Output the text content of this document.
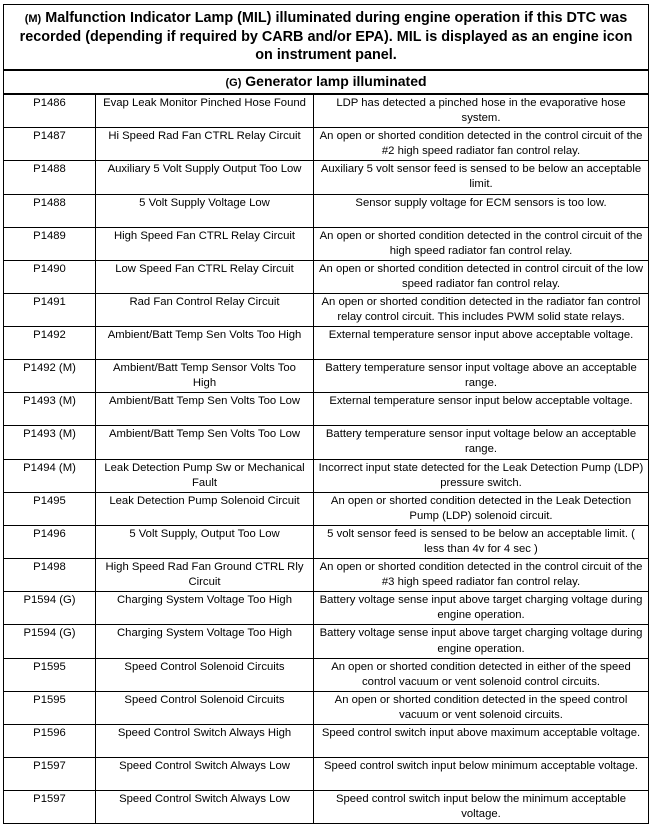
(M) Malfunction Indicator Lamp (MIL) illuminated during engine operation if this DTC was recorded (depending if required by CARB and/or EPA). MIL is displayed as an engine icon on instrument panel.		
(G) Generator lamp illuminated		
P1486	Evap Leak Monitor Pinched Hose Found	LDP has detected a pinched hose in the evaporative hose system.
P1487	Hi Speed Rad Fan CTRL Relay Circuit	An open or shorted condition detected in the control circuit of the #2 high speed radiator fan control relay.
P1488	Auxiliary 5 Volt Supply Output Too Low	Auxiliary 5 volt sensor feed is sensed to be below an acceptable limit.
P1488	5 Volt Supply Voltage Low	Sensor supply voltage for ECM sensors is too low.
P1489	High Speed Fan CTRL Relay Circuit	An open or shorted condition detected in the control circuit of the high speed radiator fan control relay.
P1490	Low Speed Fan CTRL Relay Circuit	An open or shorted condition detected in control circuit of the low speed radiator fan control relay.
P1491	Rad Fan Control Relay Circuit	An open or shorted condition detected in the radiator fan control relay control circuit. This includes PWM solid state relays.
P1492	Ambient/Batt Temp Sen Volts Too High	External temperature sensor input above acceptable voltage.
P1492 (M)	Ambient/Batt Temp Sensor Volts Too High	Battery temperature sensor input voltage above an acceptable range.
P1493 (M)	Ambient/Batt Temp Sen Volts Too Low	External temperature sensor input below acceptable voltage.
P1493 (M)	Ambient/Batt Temp Sen Volts Too Low	Battery temperature sensor input voltage below an acceptable range.
P1494 (M)	Leak Detection Pump Sw or Mechanical Fault	Incorrect input state detected for the Leak Detection Pump (LDP) pressure switch.
P1495	Leak Detection Pump Solenoid Circuit	An open or shorted condition detected in the Leak Detection Pump (LDP) solenoid circuit.
P1496	5 Volt Supply, Output Too Low	5 volt sensor feed is sensed to be below an acceptable limit. ( less than 4v for 4 sec )
P1498	High Speed Rad Fan Ground CTRL Rly Circuit	An open or shorted condition detected in the control circuit of the #3 high speed radiator fan control relay.
P1594 (G)	Charging System Voltage Too High	Battery voltage sense input above target charging voltage during engine operation.
P1594 (G)	Charging System Voltage Too High	Battery voltage sense input above target charging voltage during engine operation.
P1595	Speed Control Solenoid Circuits	An open or shorted condition detected in either of the speed control vacuum or vent solenoid control circuits.
P1595	Speed Control Solenoid Circuits	An open or shorted condition detected in the speed control vacuum or vent solenoid circuits.
P1596	Speed Control Switch Always High	Speed control switch input above maximum acceptable voltage.
P1597	Speed Control Switch Always Low	Speed control switch input below minimum acceptable voltage.
P1597	Speed Control Switch Always Low	Speed control switch input below the minimum acceptable voltage.
